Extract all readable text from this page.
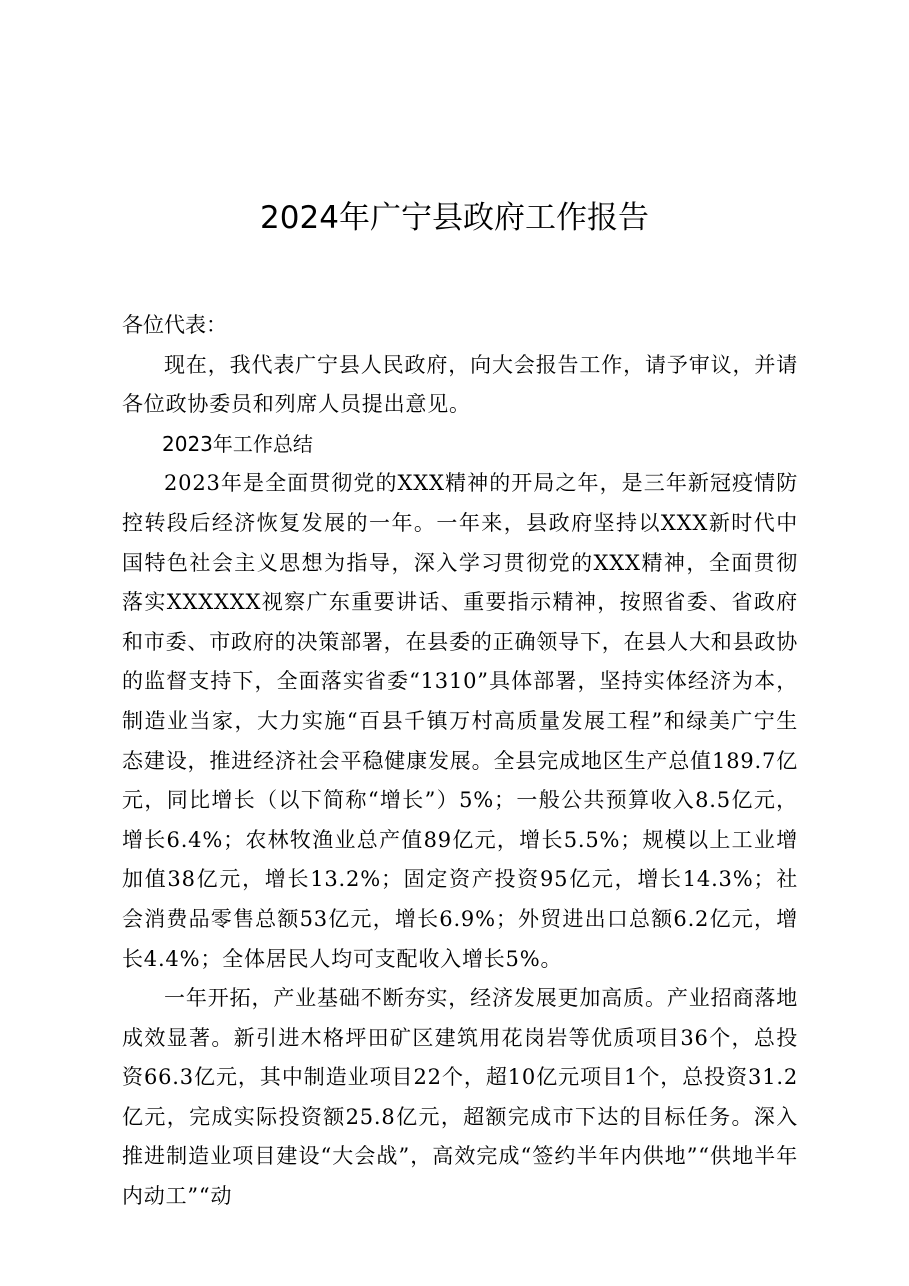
2024年广宁县政府工作报告

各位代表：

现在，我代表广宁县人民政府，向大会报告工作，请予审议，并请各位政协委员和列席人员提出意见。

2023年工作总结

2023年是全面贯彻党的XXX精神的开局之年，是三年新冠疫情防控转段后经济恢复发展的一年。一年来，县政府坚持以XXX新时代中国特色社会主义思想为指导，深入学习贯彻党的XXX精神，全面贯彻落实XXXXXX视察广东重要讲话、重要指示精神，按照省委、省政府和市委、市政府的决策部署，在县委的正确领导下，在县人大和县政协的监督支持下，全面落实省委“1310”具体部署，坚持实体经济为本，制造业当家，大力实施“百县千镇万村高质量发展工程”和绿美广宁生态建设，推进经济社会平稳健康发展。全县完成地区生产总值189.7亿元，同比增长（以下简称“增长”）5%；一般公共预算收入8.5亿元，增长6.4%；农林牧渔业总产值89亿元，增长5.5%；规模以上工业增加值38亿元，增长13.2%；固定资产投资95亿元，增长14.3%；社会消费品零售总额53亿元，增长6.9%；外贸进出口总额6.2亿元，增长4.4%；全体居民人均可支配收入增长5%。

一年开拓，产业基础不断夯实，经济发展更加高质。产业招商落地成效显著。新引进木格坪田矿区建筑用花岗岩等优质项目36个，总投资66.3亿元，其中制造业项目22个，超10亿元项目1个，总投资31.2亿元，完成实际投资额25.8亿元，超额完成市下达的目标任务。深入推进制造业项目建设“大会战”，高效完成“签约半年内供地”“供地半年内动工”“动
